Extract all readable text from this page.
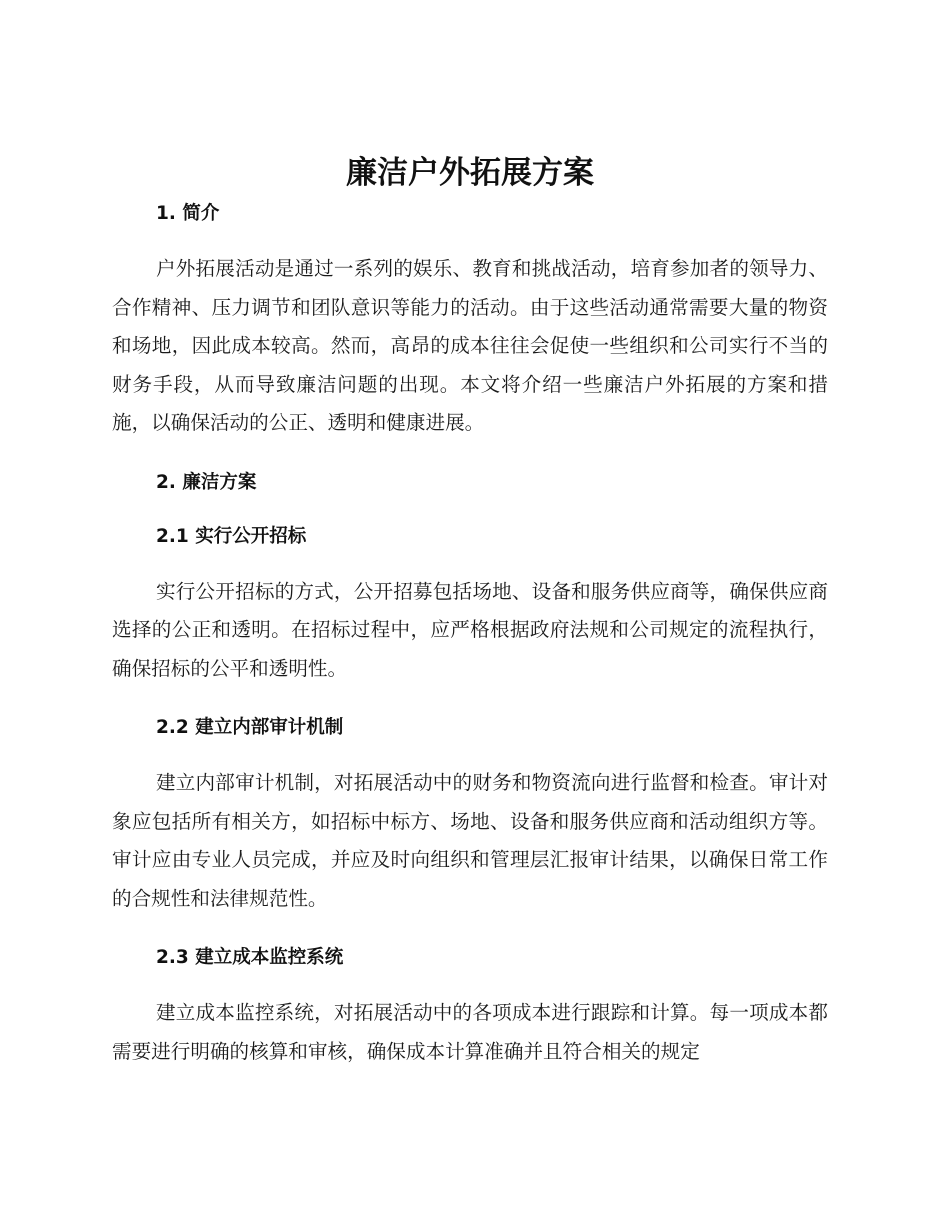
廉洁户外拓展方案
1. 简介

户外拓展活动是通过一系列的娱乐、教育和挑战活动，培育参加者的领导力、合作精神、压力调节和团队意识等能力的活动。由于这些活动通常需要大量的物资和场地，因此成本较高。然而，高昂的成本往往会促使一些组织和公司实行不当的财务手段，从而导致廉洁问题的出现。本文将介绍一些廉洁户外拓展的方案和措施，以确保活动的公正、透明和健康进展。

2. 廉洁方案
2.1 实行公开招标

实行公开招标的方式，公开招募包括场地、设备和服务供应商等，确保供应商选择的公正和透明。在招标过程中，应严格根据政府法规和公司规定的流程执行，确保招标的公平和透明性。

2.2 建立内部审计机制

建立内部审计机制，对拓展活动中的财务和物资流向进行监督和检查。审计对象应包括所有相关方，如招标中标方、场地、设备和服务供应商和活动组织方等。审计应由专业人员完成，并应及时向组织和管理层汇报审计结果，以确保日常工作的合规性和法律规范性。

2.3 建立成本监控系统

建立成本监控系统，对拓展活动中的各项成本进行跟踪和计算。每一项成本都需要进行明确的核算和审核，确保成本计算准确并且符合相关的规定
